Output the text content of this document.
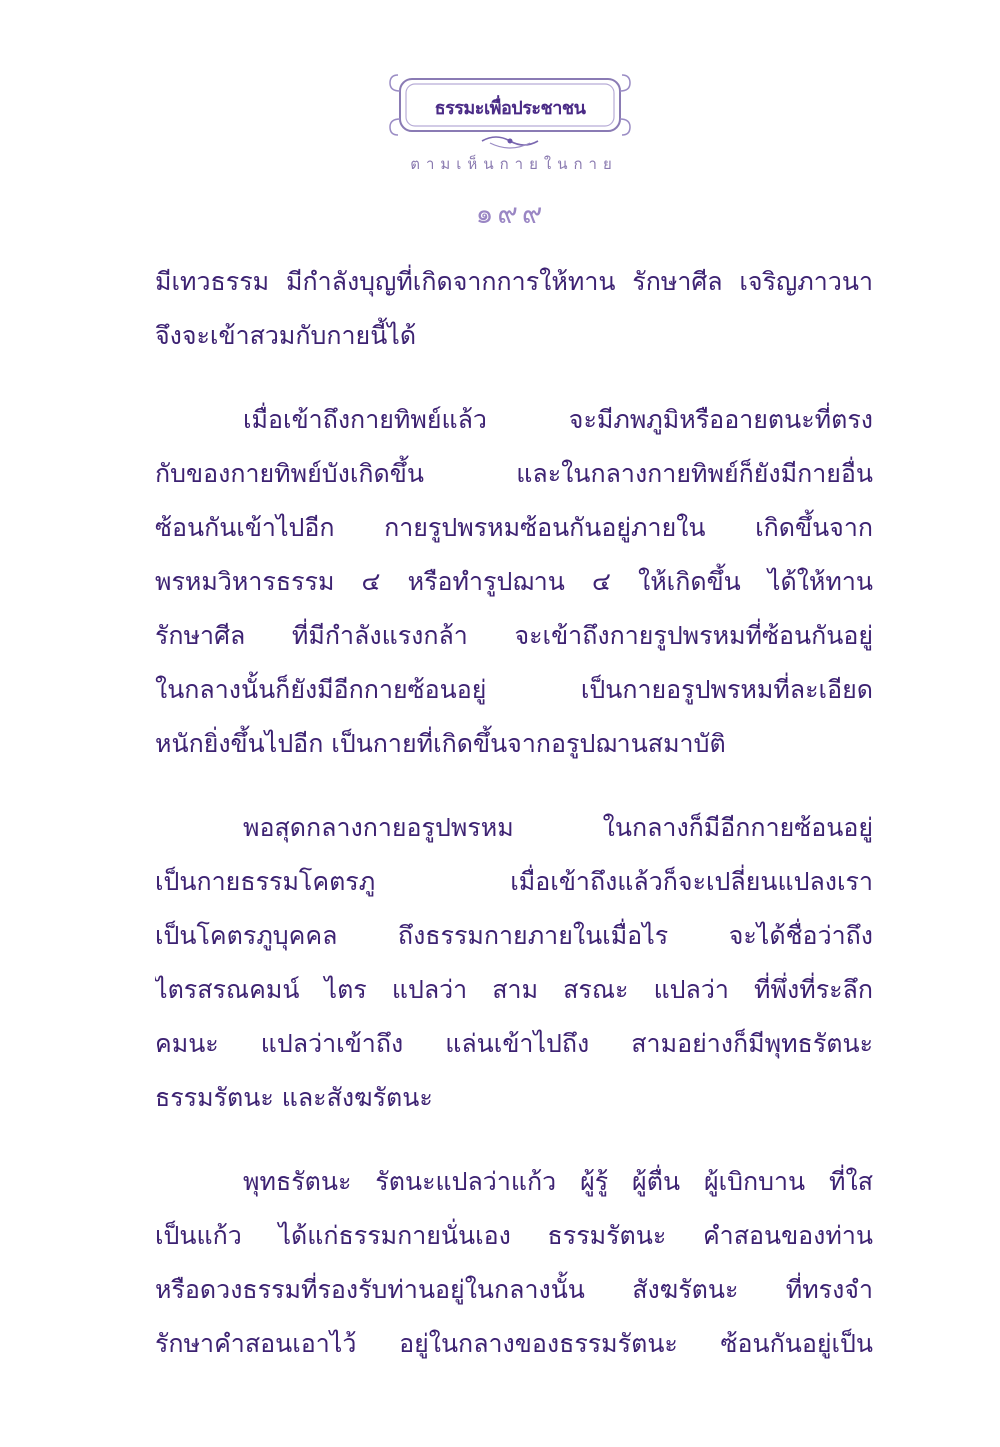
ธรรมะเพื่อประชาชน
ตามเห็นกายในกาย
๑๙๙
มีเทวธรรม มีกำลังบุญที่เกิดจากการให้ทาน รักษาศีล เจริญภาวนา
จึงจะเข้าสวมกับกายนี้ได้
เมื่อเข้าถึงกายทิพย์แล้ว จะมีภพภูมิหรืออายตนะที่ตรง
กับของกายทิพย์บังเกิดขึ้น และในกลางกายทิพย์ก็ยังมีกายอื่น
ซ้อนกันเข้าไปอีก กายรูปพรหมซ้อนกันอยู่ภายใน เกิดขึ้นจาก
พรหมวิหารธรรม ๔ หรือทำรูปฌาน ๔ ให้เกิดขึ้น ได้ให้ทาน
รักษาศีล ที่มีกำลังแรงกล้า จะเข้าถึงกายรูปพรหมที่ซ้อนกันอยู่
ในกลางนั้นก็ยังมีอีกกายซ้อนอยู่ เป็นกายอรูปพรหมที่ละเอียด
หนักยิ่งขึ้นไปอีก เป็นกายที่เกิดขึ้นจากอรูปฌานสมาบัติ
พอสุดกลางกายอรูปพรหม ในกลางก็มีอีกกายซ้อนอยู่
เป็นกายธรรมโคตรภู เมื่อเข้าถึงแล้วก็จะเปลี่ยนแปลงเรา
เป็นโคตรภูบุคคล ถึงธรรมกายภายในเมื่อไร จะได้ชื่อว่าถึง
ไตรสรณคมน์ ไตร แปลว่า สาม สรณะ แปลว่า ที่พึ่งที่ระลึก
คมนะ แปลว่าเข้าถึง แล่นเข้าไปถึง สามอย่างก็มีพุทธรัตนะ
ธรรมรัตนะ และสังฆรัตนะ
พุทธรัตนะ รัตนะแปลว่าแก้ว ผู้รู้ ผู้ตื่น ผู้เบิกบาน ที่ใส
เป็นแก้ว ได้แก่ธรรมกายนั่นเอง ธรรมรัตนะ คำสอนของท่าน
หรือดวงธรรมที่รองรับท่านอยู่ในกลางนั้น สังฆรัตนะ ที่ทรงจำ
รักษาคำสอนเอาไว้ อยู่ในกลางของธรรมรัตนะ ซ้อนกันอยู่เป็น
